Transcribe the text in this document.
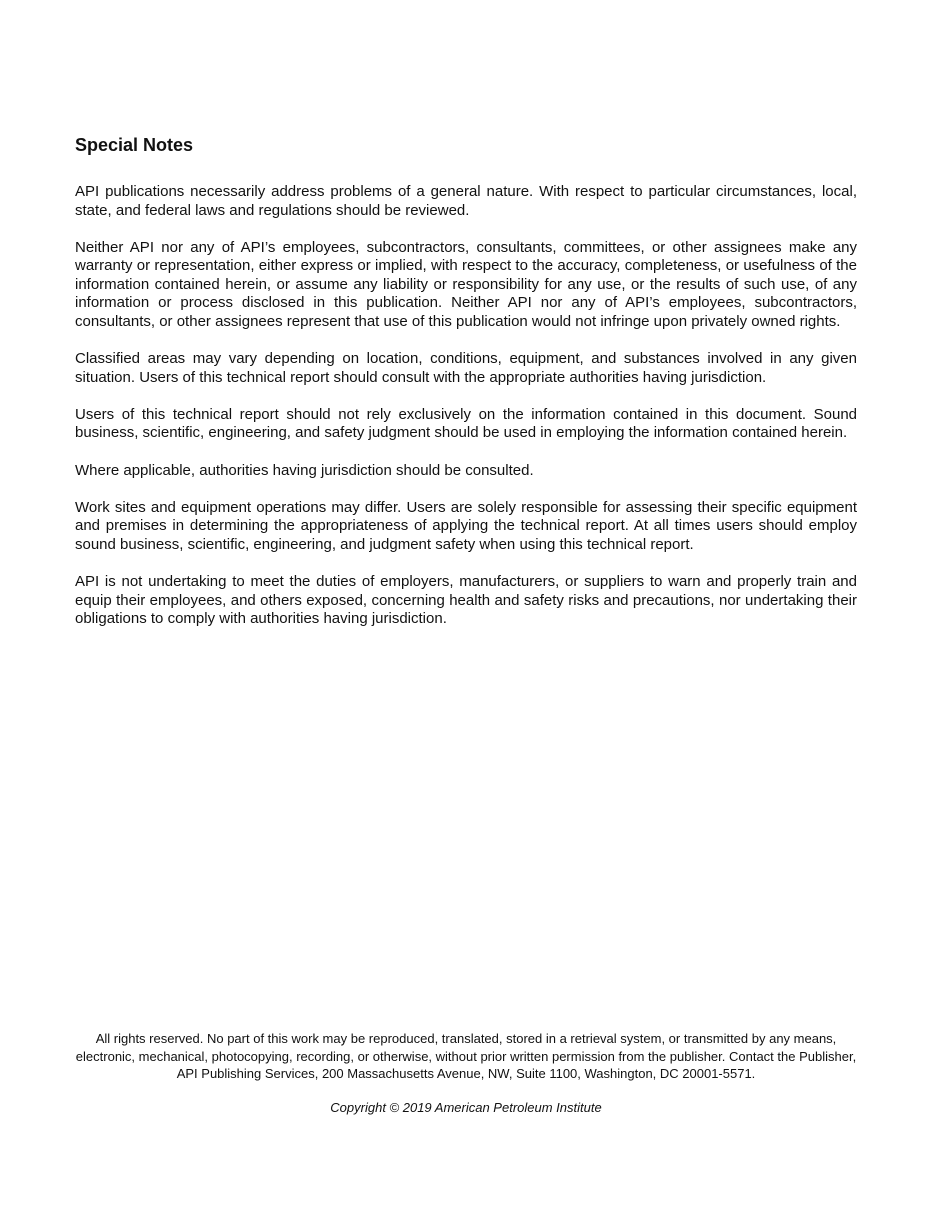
Special Notes

API publications necessarily address problems of a general nature. With respect to particular circumstances, local, state, and federal laws and regulations should be reviewed.

Neither API nor any of API’s employees, subcontractors, consultants, committees, or other assignees make any warranty or representation, either express or implied, with respect to the accuracy, completeness, or usefulness of the information contained herein, or assume any liability or responsibility for any use, or the results of such use, of any information or process disclosed in this publication. Neither API nor any of API’s employees, subcontractors, consultants, or other assignees represent that use of this publication would not infringe upon privately owned rights.

Classified areas may vary depending on location, conditions, equipment, and substances involved in any given situation. Users of this technical report should consult with the appropriate authorities having jurisdiction.

Users of this technical report should not rely exclusively on the information contained in this document. Sound business, scientific, engineering, and safety judgment should be used in employing the information contained herein.

Where applicable, authorities having jurisdiction should be consulted.

Work sites and equipment operations may differ. Users are solely responsible for assessing their specific equipment and premises in determining the appropriateness of applying the technical report. At all times users should employ sound business, scientific, engineering, and judgment safety when using this technical report.

API is not undertaking to meet the duties of employers, manufacturers, or suppliers to warn and properly train and equip their employees, and others exposed, concerning health and safety risks and precautions, nor undertaking their obligations to comply with authorities having jurisdiction.

All rights reserved. No part of this work may be reproduced, translated, stored in a retrieval system, or transmitted by any means, electronic, mechanical, photocopying, recording, or otherwise, without prior written permission from the publisher. Contact the Publisher, API Publishing Services, 200 Massachusetts Avenue, NW, Suite 1100, Washington, DC 20001-5571.

Copyright © 2019 American Petroleum Institute
